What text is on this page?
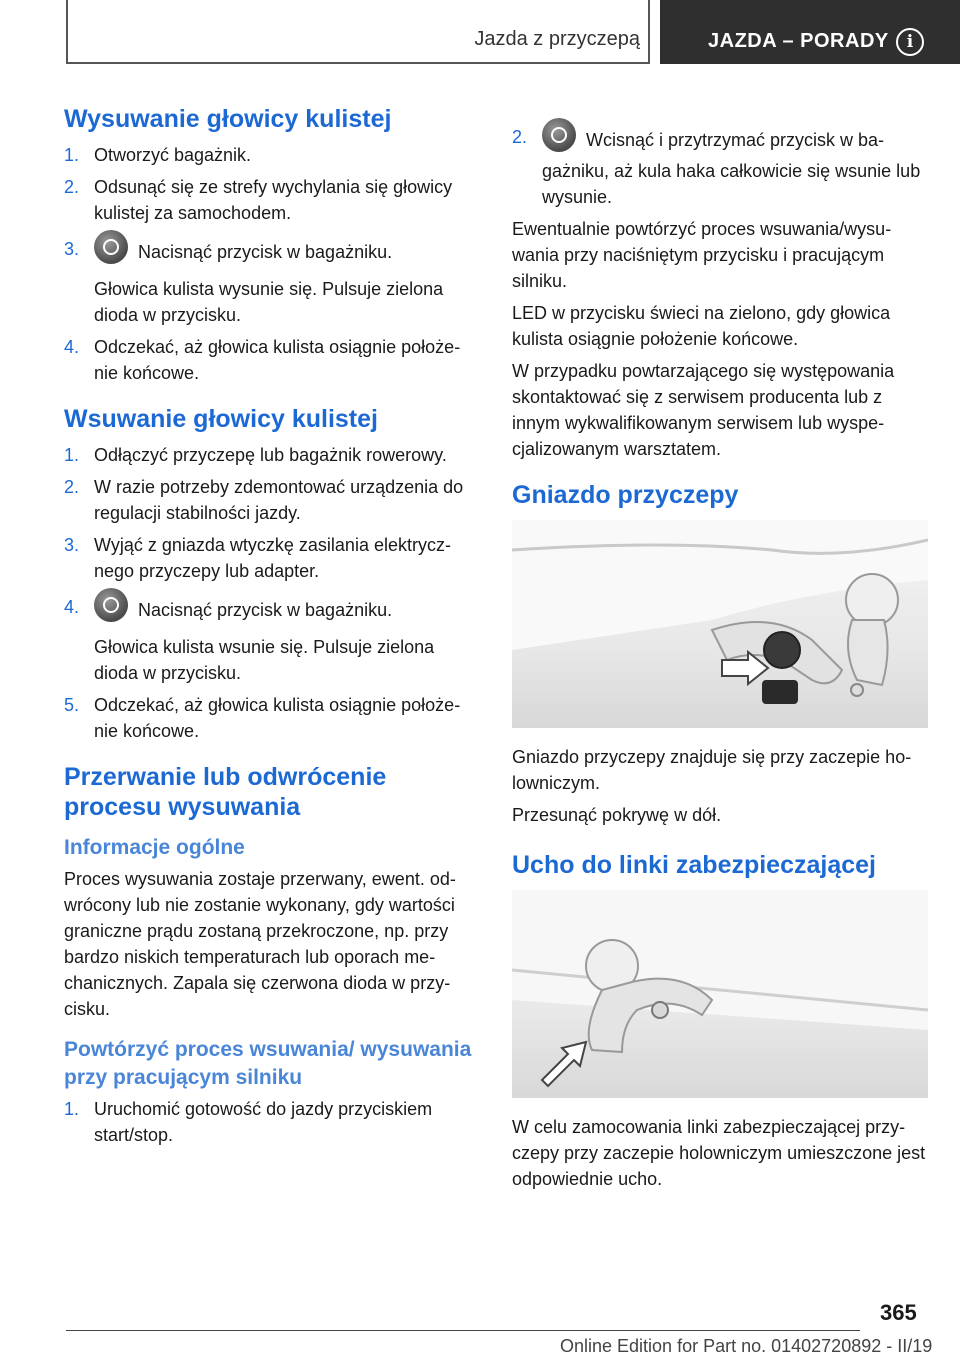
Jazda z przyczepą	JAZDA – PORADY	i
Wysuwanie głowicy kulistej
1. Otworzyć bagażnik.
2. Odsunąć się ze strefy wychylania się głowicy kulistej za samochodem.
3.	Nacisnąć przycisk w bagażniku.
Głowica kulista wysunie się. Pulsuje zielona dioda w przycisku.
4. Odczekać, aż głowica kulista osiągnie położenie końcowe.
Wsuwanie głowicy kulistej
1. Odłączyć przyczepę lub bagażnik rowerowy.
2. W razie potrzeby zdemontować urządzenia do regulacji stabilności jazdy.
3. Wyjąć z gniazda wtyczkę zasilania elektrycznego przyczepy lub adapter.
4.	Nacisnąć przycisk w bagażniku.
Głowica kulista wsunie się. Pulsuje zielona dioda w przycisku.
5. Odczekać, aż głowica kulista osiągnie położenie końcowe.
Przerwanie lub odwrócenie procesu wysuwania
Informacje ogólne
Proces wysuwania zostaje przerwany, ewent. odwrócony lub nie zostanie wykonany, gdy wartości graniczne prądu zostaną przekroczone, np. przy bardzo niskich temperaturach lub oporach mechanicznych. Zapala się czerwona dioda w przycisku.
Powtórzyć proces wsuwania/ wysuwania przy pracującym silniku
1. Uruchomić gotowość do jazdy przyciskiem start/stop.
2.	Wcisnąć i przytrzymać przycisk w bagażniku, aż kula haka całkowicie się wsunie lub wysunie.
Ewentualnie powtórzyć proces wsuwania/wysuwania przy naciśniętym przycisku i pracującym silniku.
LED w przycisku świeci na zielono, gdy głowica kulista osiągnie położenie końcowe.
W przypadku powtarzającego się występowania skontaktować się z serwisem producenta lub z innym wykwalifikowanym serwisem lub wyspecjalizowanym warsztatem.
Gniazdo przyczepy
Gniazdo przyczepy znajduje się przy zaczepie holowniczym.
Przesunąć pokrywę w dół.
Ucho do linki zabezpieczającej
W celu zamocowania linki zabezpieczającej przyczepy przy zaczepie holowniczym umieszczone jest odpowiednie ucho.
365
Online Edition for Part no. 01402720892 - II/19
